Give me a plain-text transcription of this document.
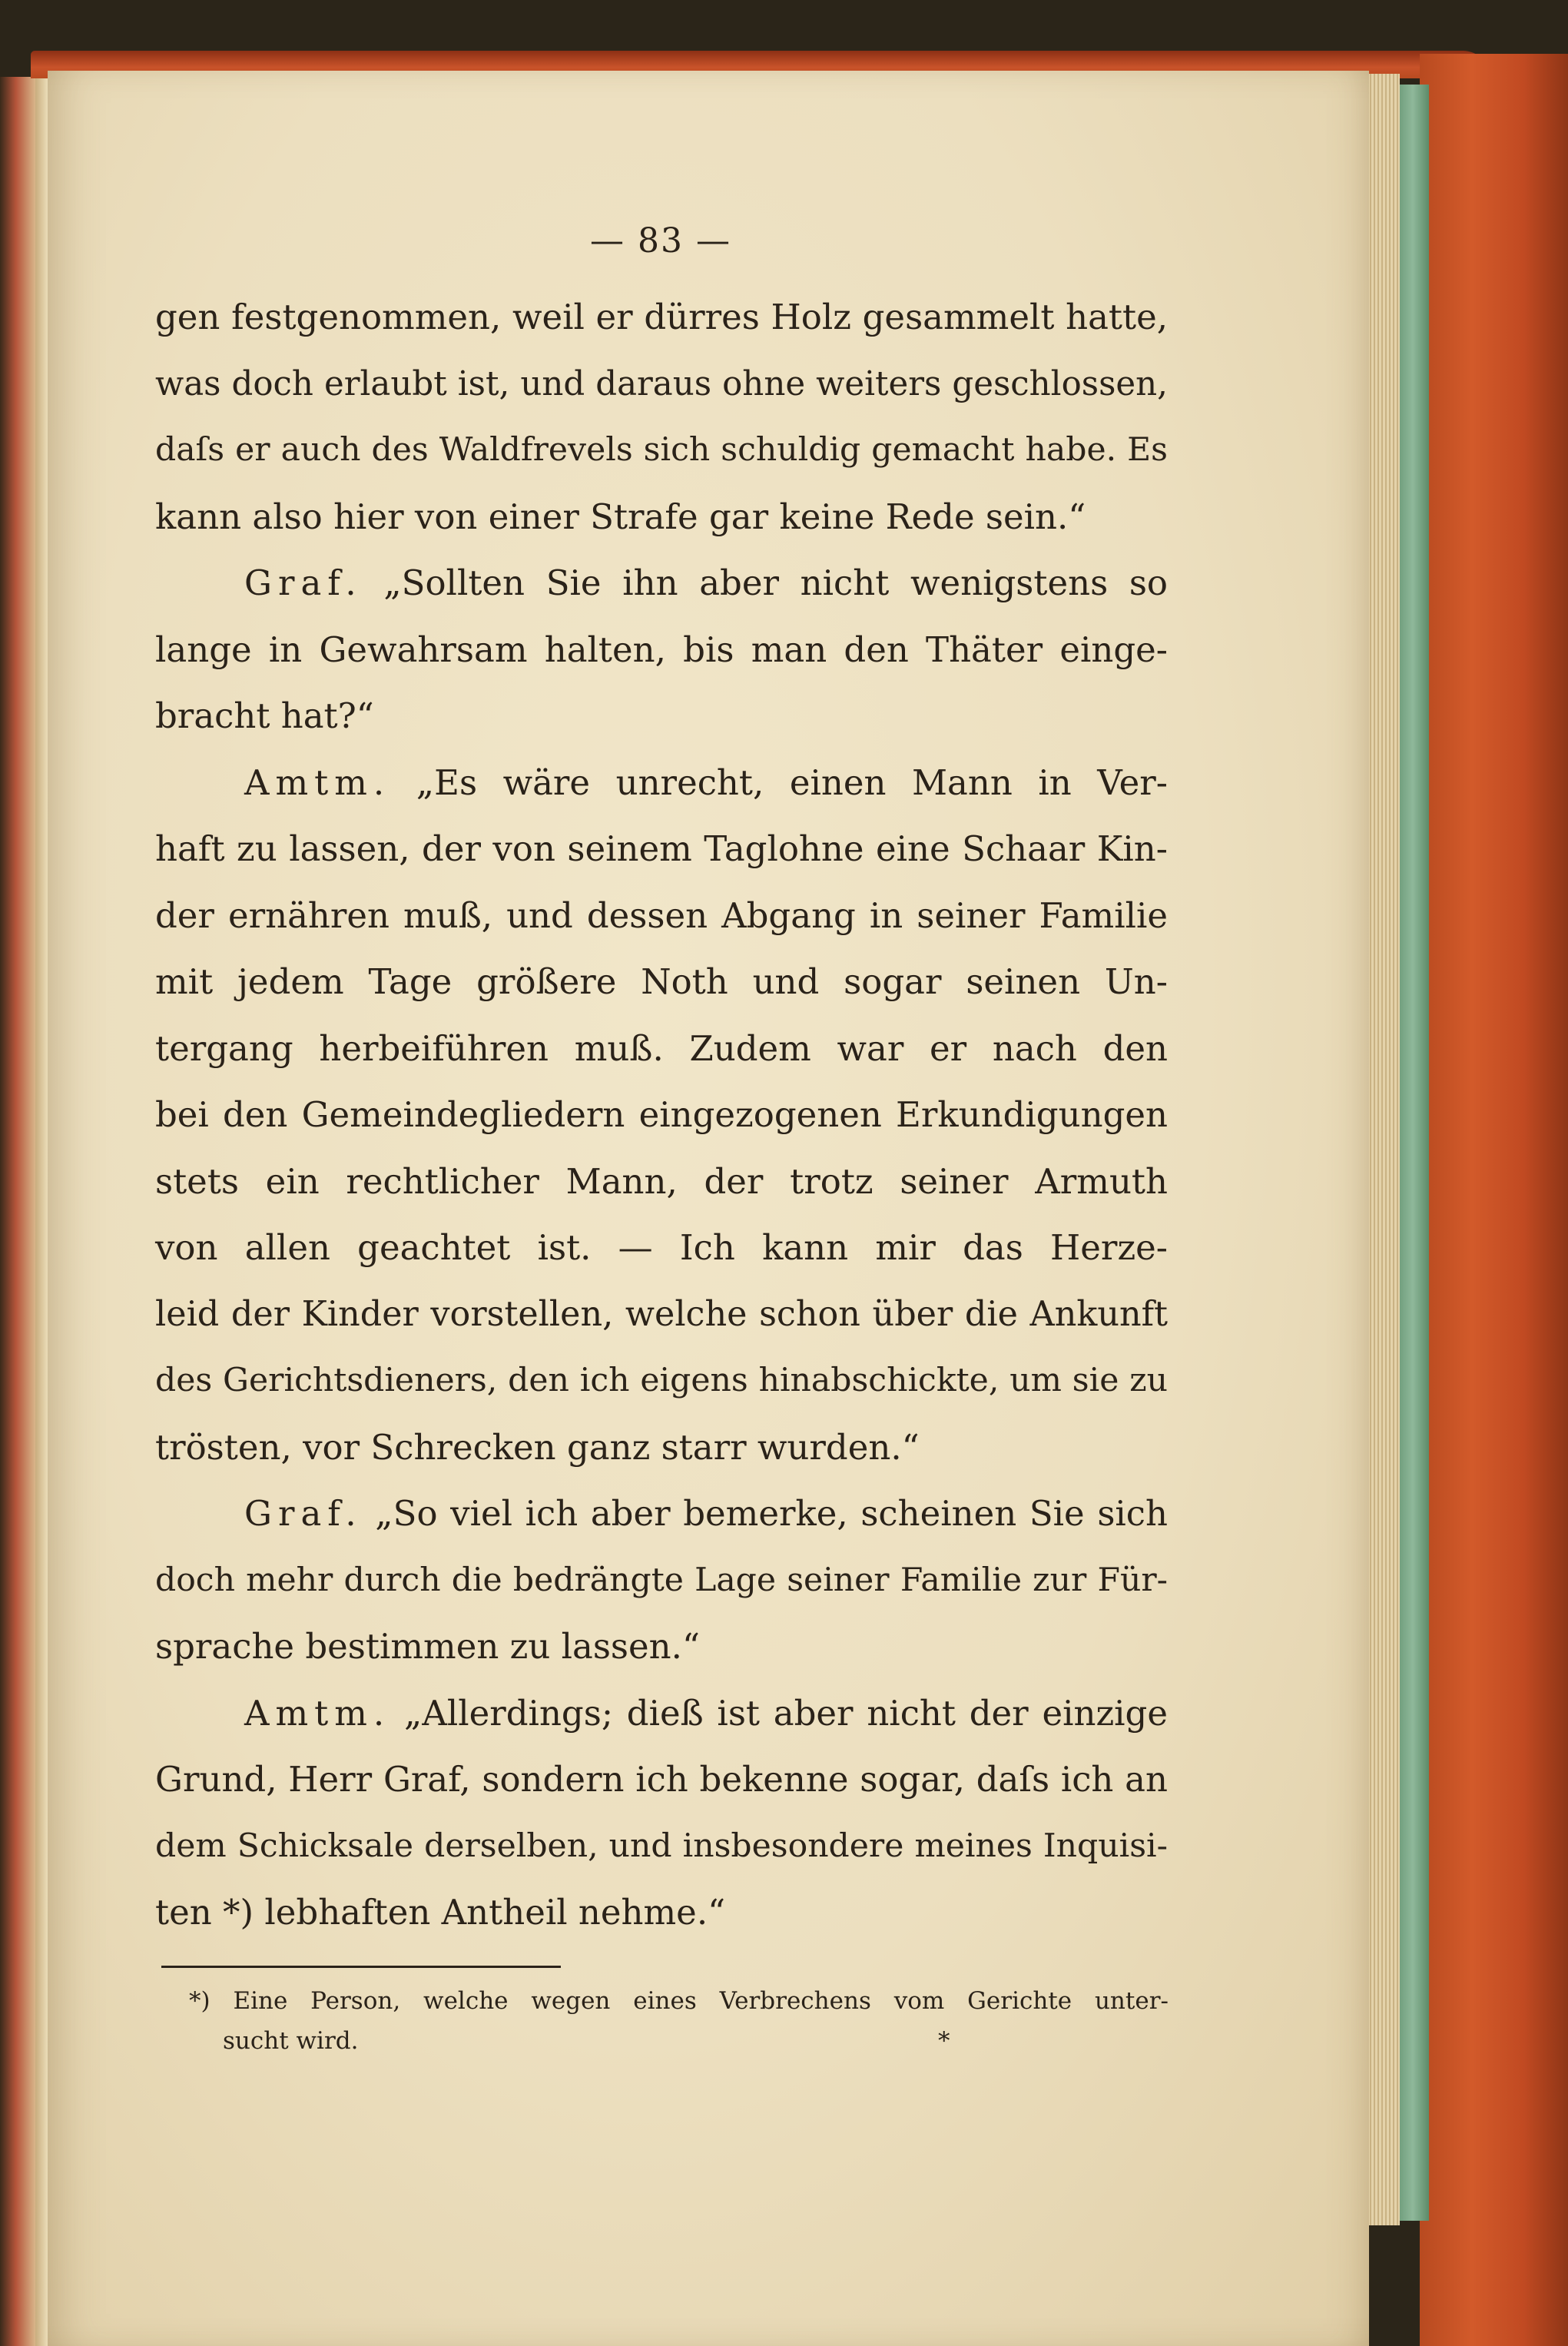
— 83 —
gen festgenommen, weil er dürres Holz gesammelt hatte,
was doch erlaubt ist, und daraus ohne weiters geschlossen,
daſs er auch des Waldfrevels sich schuldig gemacht habe. Es
kann also hier von einer Strafe gar keine Rede sein.“
Graf. „Sollten Sie ihn aber nicht wenigstens so
lange in Gewahrsam halten, bis man den Thäter einge-
bracht hat?“
Amtm. „Es wäre unrecht, einen Mann in Ver-
haft zu lassen, der von seinem Taglohne eine Schaar Kin-
der ernähren muß, und dessen Abgang in seiner Familie
mit jedem Tage größere Noth und sogar seinen Un-
tergang herbeiführen muß. Zudem war er nach den
bei den Gemeindegliedern eingezogenen Erkundigungen
stets ein rechtlicher Mann, der trotz seiner Armuth
von allen geachtet ist. — Ich kann mir das Herze-
leid der Kinder vorstellen, welche schon über die Ankunft
des Gerichtsdieners, den ich eigens hinabschickte, um sie zu
trösten, vor Schrecken ganz starr wurden.“
Graf. „So viel ich aber bemerke, scheinen Sie sich
doch mehr durch die bedrängte Lage seiner Familie zur Für-
sprache bestimmen zu lassen.“
Amtm. „Allerdings; dieß ist aber nicht der einzige
Grund, Herr Graf, sondern ich bekenne sogar, daſs ich an
dem Schicksale derselben, und insbesondere meines Inquisi-
ten *) lebhaften Antheil nehme.“
*) Eine Person, welche wegen eines Verbrechens vom Gerichte unter-
sucht wird.	*
